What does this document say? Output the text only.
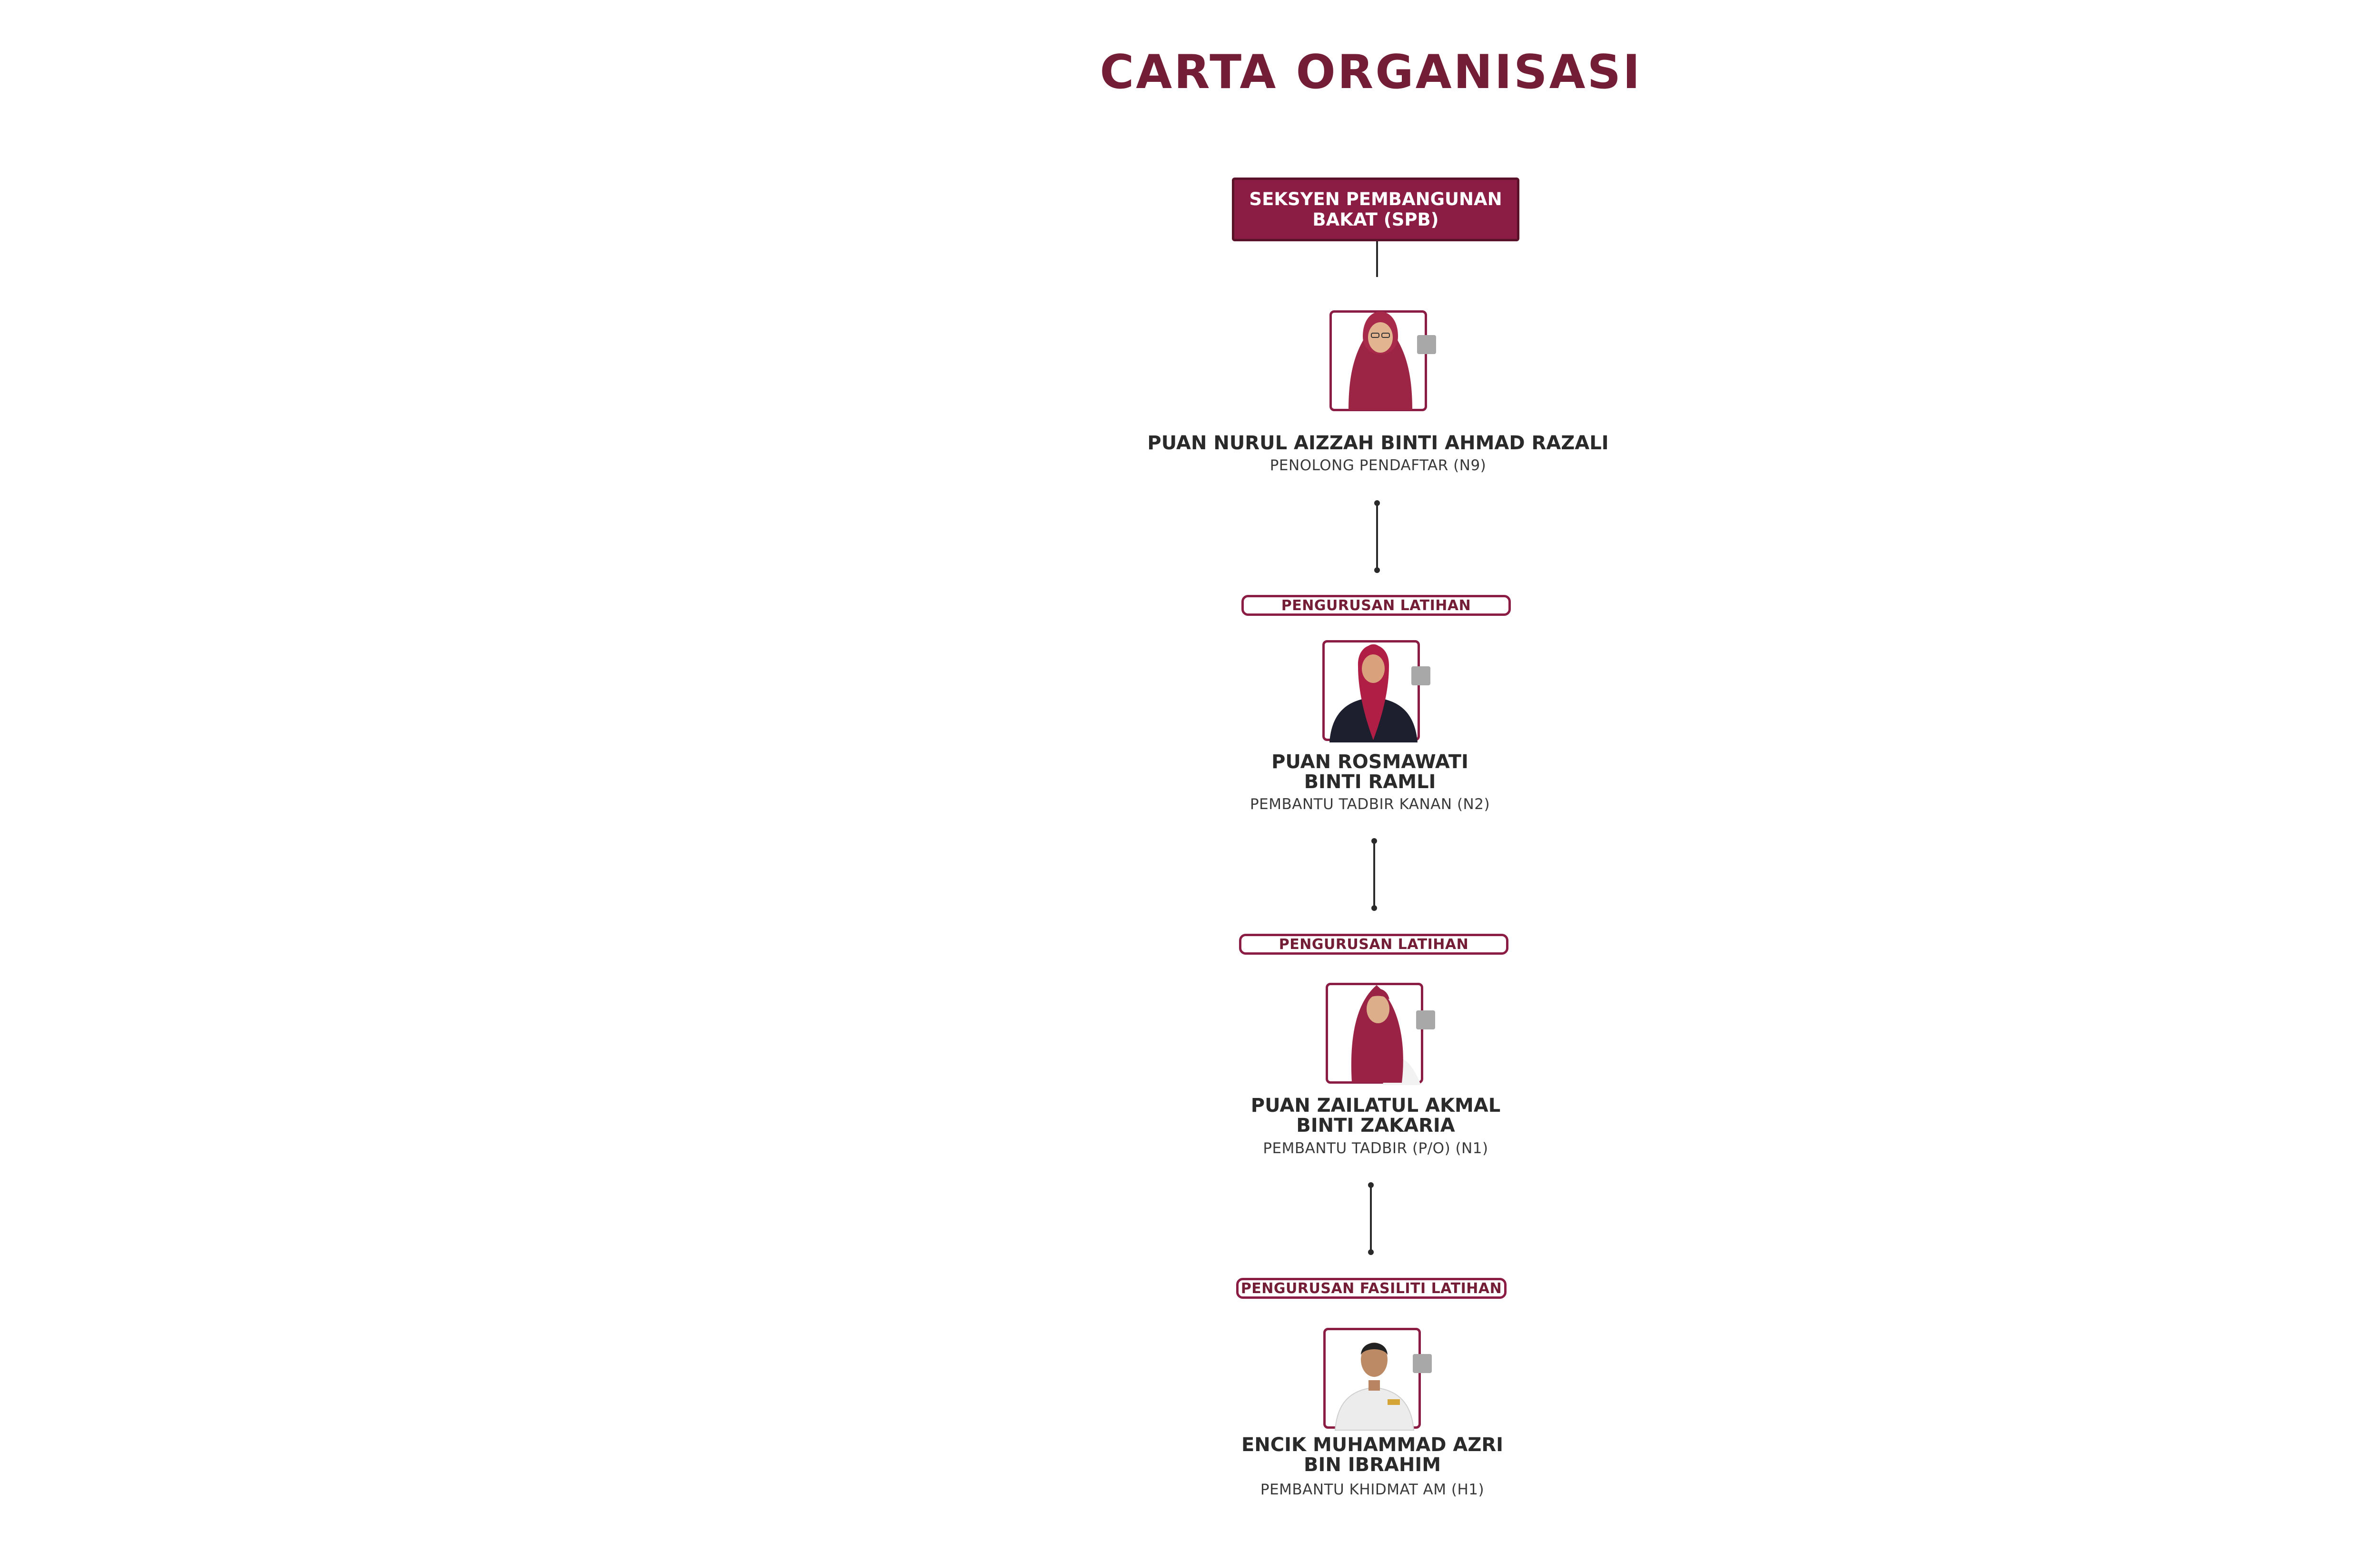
CARTA ORGANISASI
SEKSYEN PEMBANGUNAN BAKAT (SPB)
PUAN NURUL AIZZAH BINTI AHMAD RAZALI
PENOLONG PENDAFTAR (N9)
PENGURUSAN LATIHAN
PUAN ROSMAWATI
BINTI RAMLI
PEMBANTU TADBIR KANAN (N2)
PENGURUSAN LATIHAN
PUAN ZAILATUL AKMAL
BINTI ZAKARIA
PEMBANTU TADBIR (P/O) (N1)
PENGURUSAN FASILITI LATIHAN
ENCIK MUHAMMAD AZRI
BIN IBRAHIM
PEMBANTU KHIDMAT AM (H1)
